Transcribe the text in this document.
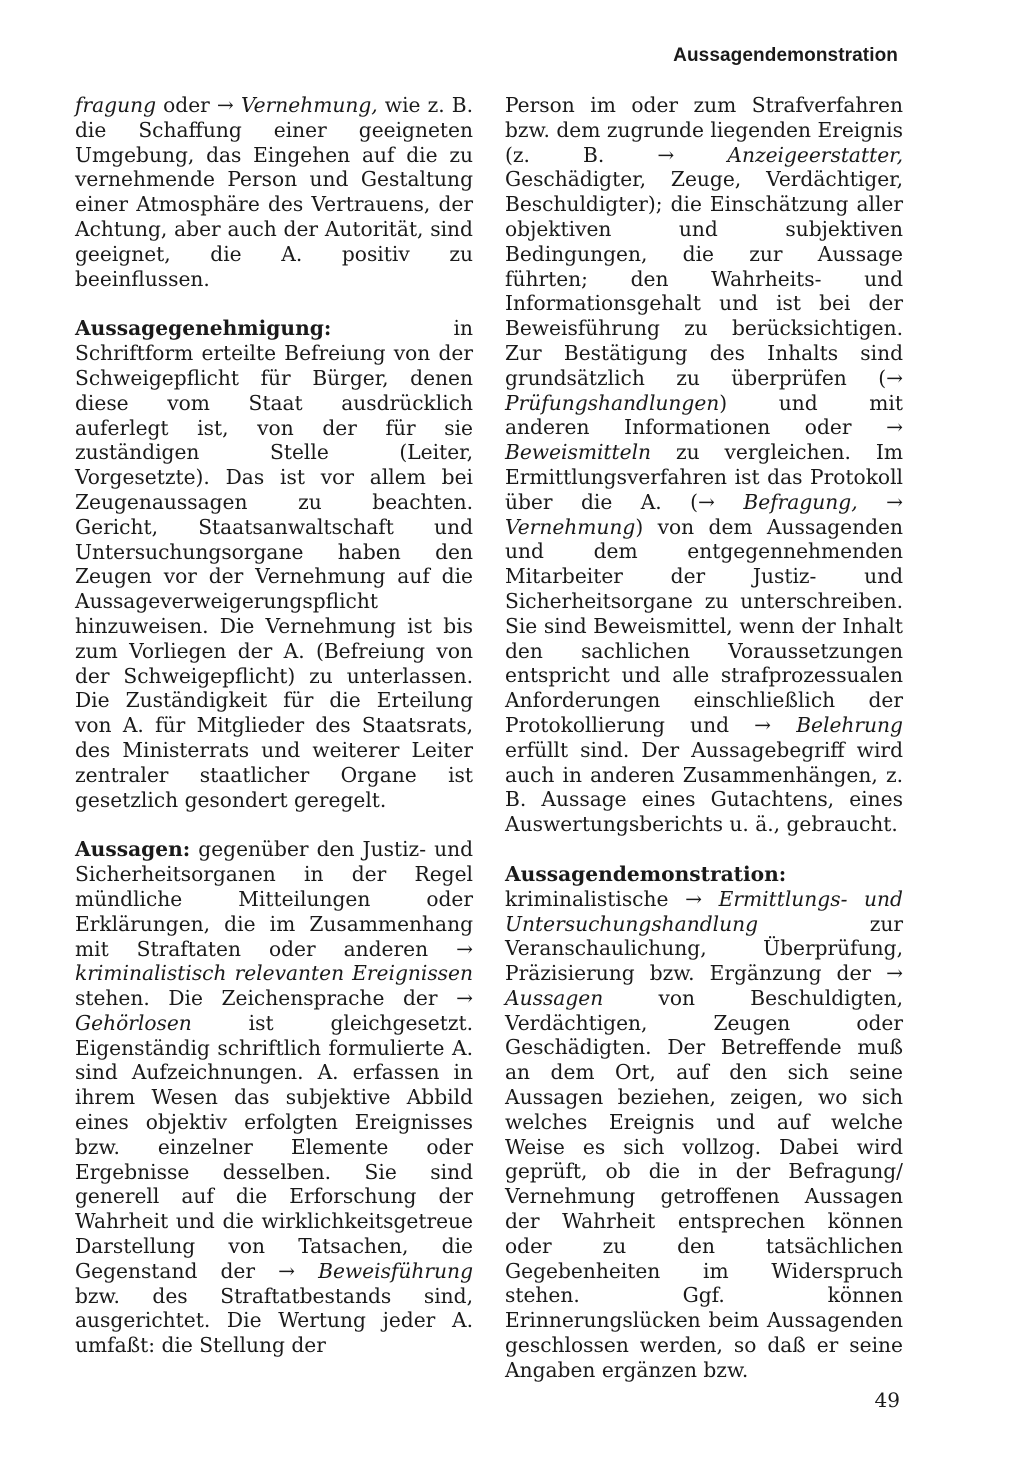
Aussagendemonstration

fragung oder → Vernehmung, wie z. B. die Schaffung einer geeigneten Umgebung, das Eingehen auf die zu vernehmende Person und Gestaltung einer Atmosphäre des Vertrauens, der Achtung, aber auch der Autorität, sind geeignet, die A. positiv zu beeinflussen.

Aussagegenehmigung: in Schriftform erteilte Befreiung von der Schweigepflicht für Bürger, denen diese vom Staat ausdrücklich auferlegt ist, von der für sie zuständigen Stelle (Leiter, Vorgesetzte). Das ist vor allem bei Zeugenaussagen zu beachten. Gericht, Staatsanwaltschaft und Untersuchungsorgane haben den Zeugen vor der Vernehmung auf die Aussageverweigerungspflicht hinzuweisen. Die Vernehmung ist bis zum Vorliegen der A. (Befreiung von der Schweigepflicht) zu unterlassen. Die Zuständigkeit für die Erteilung von A. für Mitglieder des Staatsrats, des Ministerrats und weiterer Leiter zentraler staatlicher Organe ist gesetzlich gesondert geregelt.

Aussagen: gegenüber den Justiz- und Sicherheitsorganen in der Regel mündliche Mitteilungen oder Erklärungen, die im Zusammenhang mit Straftaten oder anderen → kriminalistisch relevanten Ereignissen stehen. Die Zeichensprache der → Gehörlosen ist gleichgesetzt. Eigenständig schriftlich formulierte A. sind Aufzeichnungen. A. erfassen in ihrem Wesen das subjektive Abbild eines objektiv erfolgten Ereignisses bzw. einzelner Elemente oder Ergebnisse desselben. Sie sind generell auf die Erforschung der Wahrheit und die wirklichkeitsgetreue Darstellung von Tatsachen, die Gegenstand der → Beweisführung bzw. des Straftatbestands sind, ausgerichtet. Die Wertung jeder A. umfaßt: die Stellung der

Person im oder zum Strafverfahren bzw. dem zugrunde liegenden Ereignis (z. B. → Anzeigeerstatter, Geschädigter, Zeuge, Verdächtiger, Beschuldigter); die Einschätzung aller objektiven und subjektiven Bedingungen, die zur Aussage führten; den Wahrheits- und Informationsgehalt und ist bei der Beweisführung zu berücksichtigen. Zur Bestätigung des Inhalts sind grundsätzlich zu überprüfen (→ Prüfungshandlungen) und mit anderen Informationen oder → Beweismitteln zu vergleichen. Im Ermittlungsverfahren ist das Protokoll über die A. (→ Befragung, → Vernehmung) von dem Aussagenden und dem entgegennehmenden Mitarbeiter der Justiz- und Sicherheitsorgane zu unterschreiben. Sie sind Beweismittel, wenn der Inhalt den sachlichen Voraussetzungen entspricht und alle strafprozessualen Anforderungen einschließlich der Protokollierung und → Belehrung erfüllt sind. Der Aussagebegriff wird auch in anderen Zusammenhängen, z. B. Aussage eines Gutachtens, eines Auswertungsberichts u. ä., gebraucht.

Aussagendemonstration: kriminalistische → Ermittlungs- und Untersuchungshandlung zur Veranschaulichung, Überprüfung, Präzisierung bzw. Ergänzung der → Aussagen von Beschuldigten, Verdächtigen, Zeugen oder Geschädigten. Der Betreffende muß an dem Ort, auf den sich seine Aussagen beziehen, zeigen, wo sich welches Ereignis und auf welche Weise es sich vollzog. Dabei wird geprüft, ob die in der Befragung/ Vernehmung getroffenen Aussagen der Wahrheit entsprechen können oder zu den tatsächlichen Gegebenheiten im Widerspruch stehen. Ggf. können Erinnerungslücken beim Aussagenden geschlossen werden, so daß er seine Angaben ergänzen bzw.

49
